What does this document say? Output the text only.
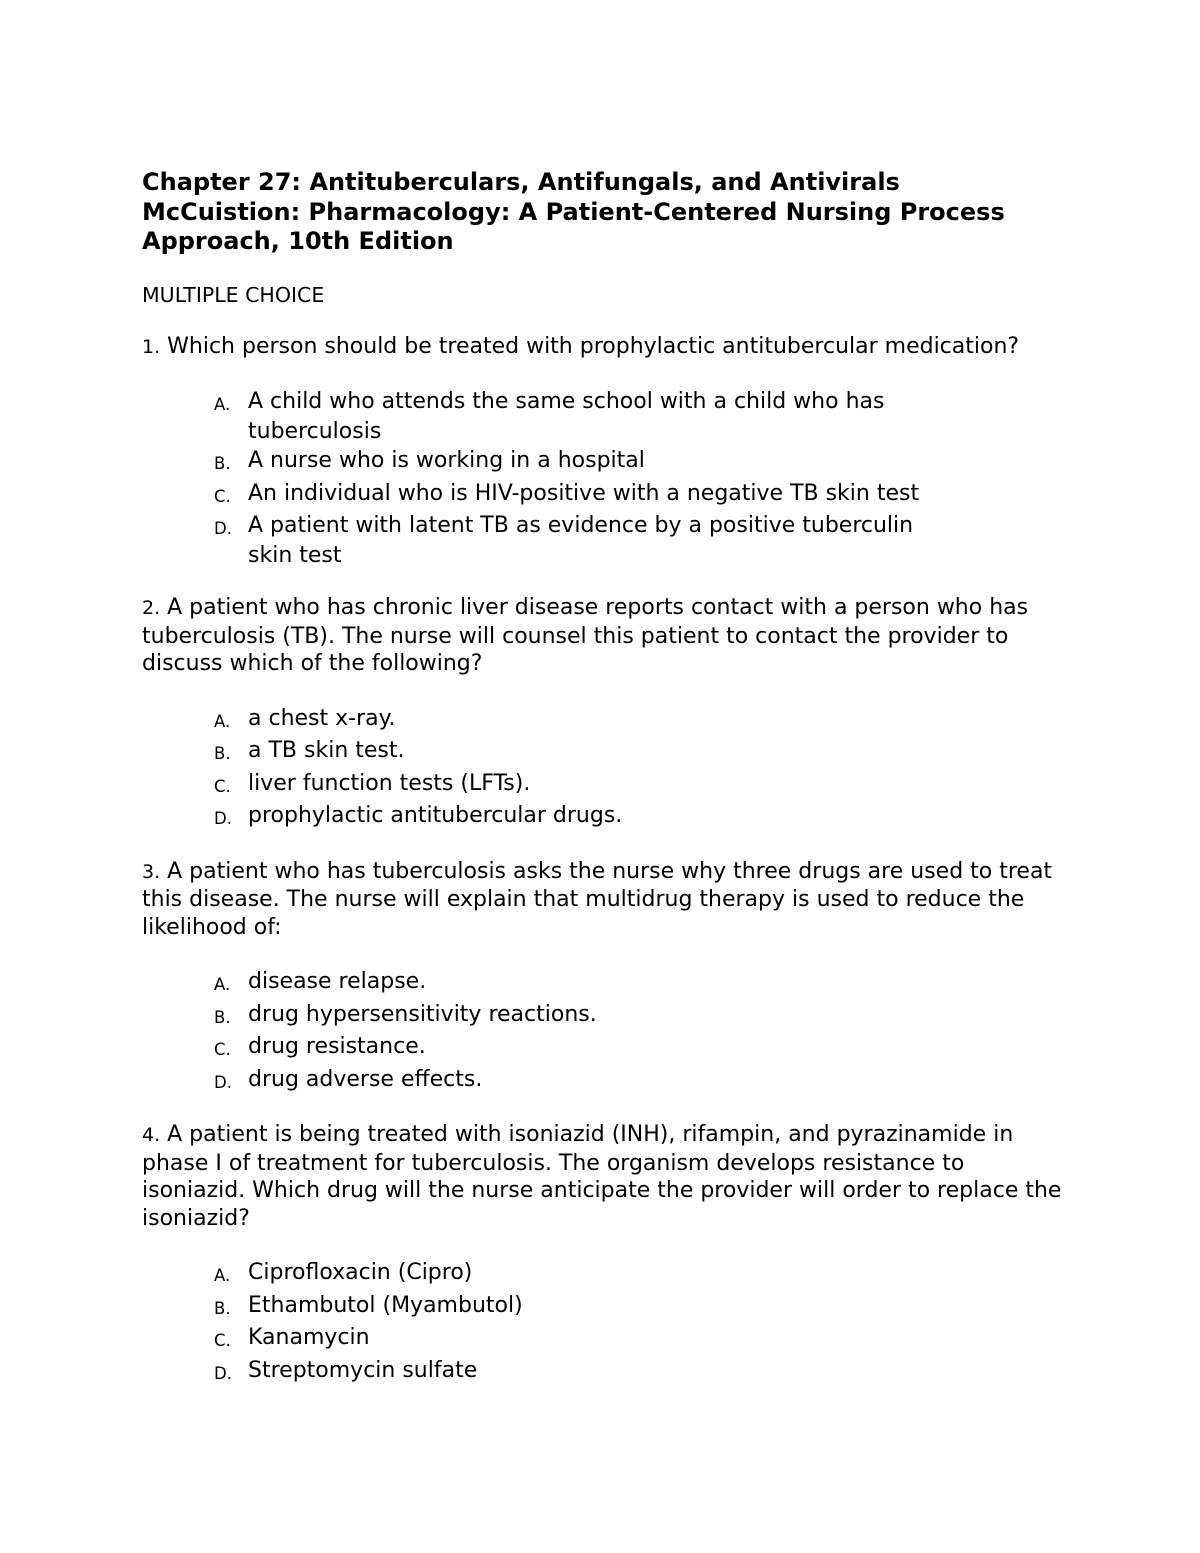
Chapter 27: Antituberculars, Antifungals, and Antivirals
McCuistion: Pharmacology: A Patient-Centered Nursing Process
Approach, 10th Edition

MULTIPLE CHOICE

1. Which person should be treated with prophylactic antitubercular medication?

A. A child who attends the same school with a child who has tuberculosis
B. A nurse who is working in a hospital
C. An individual who is HIV-positive with a negative TB skin test
D. A patient with latent TB as evidence by a positive tuberculin skin test

2. A patient who has chronic liver disease reports contact with a person who has tuberculosis (TB). The nurse will counsel this patient to contact the provider to discuss which of the following?

A. a chest x-ray.
B. a TB skin test.
C. liver function tests (LFTs).
D. prophylactic antitubercular drugs.

3. A patient who has tuberculosis asks the nurse why three drugs are used to treat this disease. The nurse will explain that multidrug therapy is used to reduce the likelihood of:

A. disease relapse.
B. drug hypersensitivity reactions.
C. drug resistance.
D. drug adverse effects.

4. A patient is being treated with isoniazid (INH), rifampin, and pyrazinamide in phase I of treatment for tuberculosis. The organism develops resistance to isoniazid. Which drug will the nurse anticipate the provider will order to replace the isoniazid?

A. Ciprofloxacin (Cipro)
B. Ethambutol (Myambutol)
C. Kanamycin
D. Streptomycin sulfate
